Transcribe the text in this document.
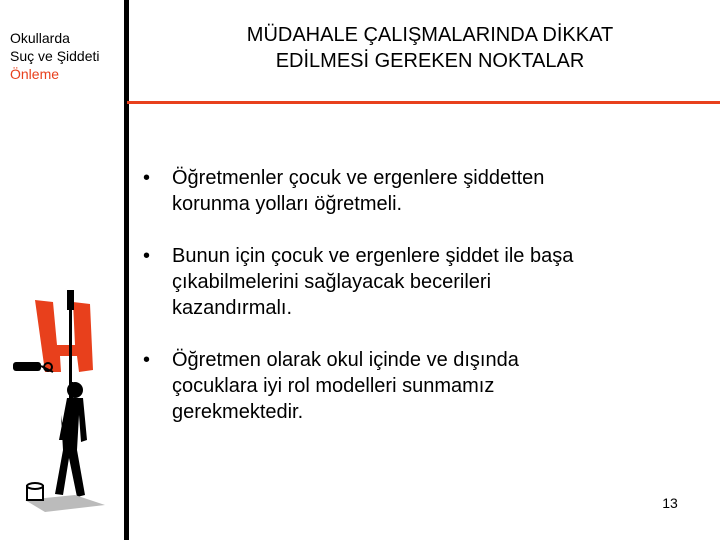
Okullarda
Suç ve Şiddeti
Önleme
MÜDAHALE ÇALIŞMALARINDA DİKKAT
EDİLMESİ GEREKEN NOKTALAR
• Öğretmenler çocuk ve ergenlere şiddetten
korunma yolları öğretmeli.
• Bunun için çocuk ve ergenlere şiddet ile başa
çıkabilmelerini sağlayacak becerileri
kazandırmalı.
• Öğretmen olarak okul içinde ve dışında
çocuklara iyi rol modelleri sunmamız
gerekmektedir.
13
